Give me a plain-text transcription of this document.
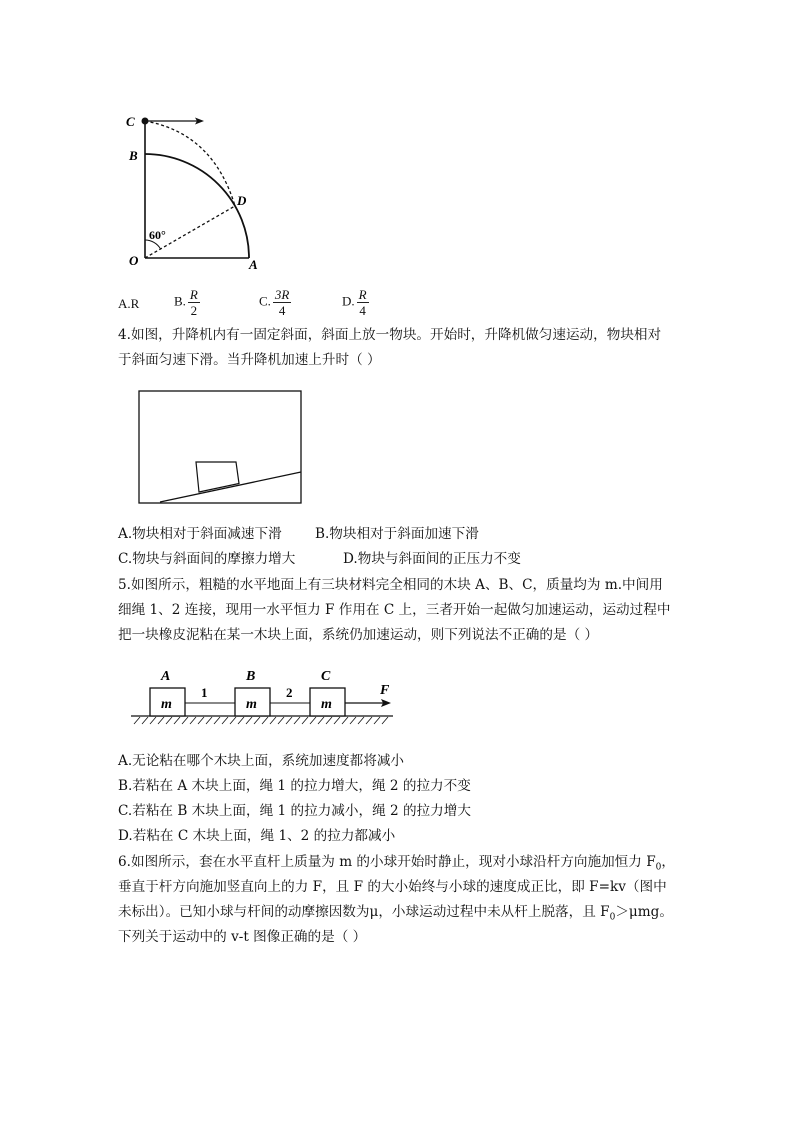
C
B
D
O	A
60°
A.R	B. $\frac{R}{2}$	C. $\frac{3R}{4}$	D. $\frac{R}{4}$
4.如图，升降机内有一固定斜面，斜面上放一物块。开始时，升降机做匀速运动，物块相对
于斜面匀速下滑。当升降机加速上升时（ ）
A.物块相对于斜面减速下滑 B.物块相对于斜面加速下滑
C.物块与斜面间的摩擦力增大	D.物块与斜面间的正压力不变
5.如图所示，粗糙的水平地面上有三块材料完全相同的木块 A、B、C，质量均为 m.中间用
细绳 1、2 连接，现用一水平恒力 F 作用在 C 上，三者开始一起做匀加速运动，运动过程中
把一块橡皮泥粘在某一木块上面，系统仍加速运动，则下列说法不正确的是（ ）
A	B	C
m	m	m
1	2	F
A.无论粘在哪个木块上面，系统加速度都将减小
B.若粘在 A 木块上面，绳 1 的拉力增大，绳 2 的拉力不变
C.若粘在 B 木块上面，绳 1 的拉力减小，绳 2 的拉力增大
D.若粘在 C 木块上面，绳 1、2 的拉力都减小
6.如图所示，套在水平直杆上质量为 m 的小球开始时静止，现对小球沿杆方向施加恒力 $F_0$，
垂直于杆方向施加竖直向上的力 F，且 F 的大小始终与小球的速度成正比，即 F=kv（图中
未标出）。已知小球与杆间的动摩擦因数为μ，小球运动过程中未从杆上脱落，且 $F_0>\mu mg$。
下列关于运动中的 v-t 图像正确的是（ ）
